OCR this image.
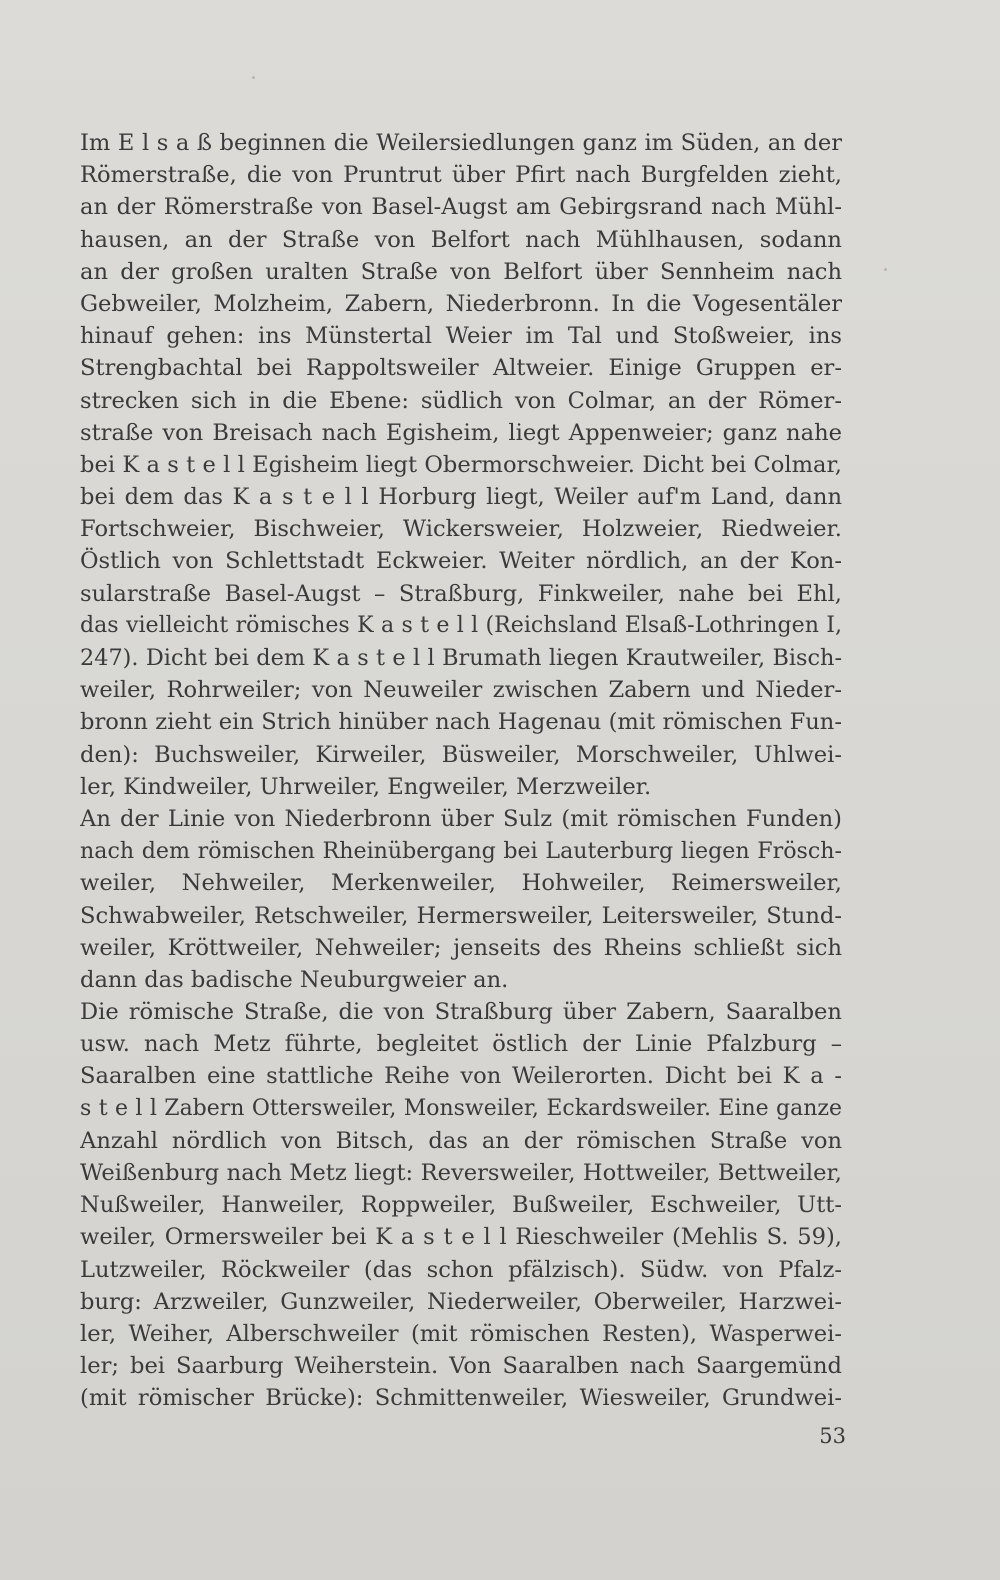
Im E l s a ß beginnen die Weilersiedlungen ganz im Süden, an der
Römerstraße, die von Pruntrut über Pfirt nach Burgfelden zieht,
an der Römerstraße von Basel-Augst am Gebirgsrand nach Mühl-
hausen, an der Straße von Belfort nach Mühlhausen, sodann
an der großen uralten Straße von Belfort über Sennheim nach
Gebweiler, Molzheim, Zabern, Niederbronn. In die Vogesentäler
hinauf gehen: ins Münstertal Weier im Tal und Stoßweier, ins
Strengbachtal bei Rappoltsweiler Altweier. Einige Gruppen er-
strecken sich in die Ebene: südlich von Colmar, an der Römer-
straße von Breisach nach Egisheim, liegt Appenweier; ganz nahe
bei K a s t e l l Egisheim liegt Obermorschweier. Dicht bei Colmar,
bei dem das K a s t e l l Horburg liegt, Weiler auf'm Land, dann
Fortschweier, Bischweier, Wickersweier, Holzweier, Riedweier.
Östlich von Schlettstadt Eckweier. Weiter nördlich, an der Kon-
sularstraße Basel-Augst – Straßburg, Finkweiler, nahe bei Ehl,
das vielleicht römisches K a s t e l l (Reichsland Elsaß-Lothringen I,
247). Dicht bei dem K a s t e l l Brumath liegen Krautweiler, Bisch-
weiler, Rohrweiler; von Neuweiler zwischen Zabern und Nieder-
bronn zieht ein Strich hinüber nach Hagenau (mit römischen Fun-
den): Buchsweiler, Kirweiler, Büsweiler, Morschweiler, Uhlwei-
ler, Kindweiler, Uhrweiler, Engweiler, Merzweiler.
An der Linie von Niederbronn über Sulz (mit römischen Funden)
nach dem römischen Rheinübergang bei Lauterburg liegen Frösch-
weiler, Nehweiler, Merkenweiler, Hohweiler, Reimersweiler,
Schwabweiler, Retschweiler, Hermersweiler, Leitersweiler, Stund-
weiler, Kröttweiler, Nehweiler; jenseits des Rheins schließt sich
dann das badische Neuburgweier an.
Die römische Straße, die von Straßburg über Zabern, Saaralben
usw. nach Metz führte, begleitet östlich der Linie Pfalzburg –
Saaralben eine stattliche Reihe von Weilerorten. Dicht bei K a -
s t e l l Zabern Ottersweiler, Monsweiler, Eckardsweiler. Eine ganze
Anzahl nördlich von Bitsch, das an der römischen Straße von
Weißenburg nach Metz liegt: Reversweiler, Hottweiler, Bettweiler,
Nußweiler, Hanweiler, Roppweiler, Bußweiler, Eschweiler, Utt-
weiler, Ormersweiler bei K a s t e l l Rieschweiler (Mehlis S. 59),
Lutzweiler, Röckweiler (das schon pfälzisch). Südw. von Pfalz-
burg: Arzweiler, Gunzweiler, Niederweiler, Oberweiler, Harzwei-
ler, Weiher, Alberschweiler (mit römischen Resten), Wasperwei-
ler; bei Saarburg Weiherstein. Von Saaralben nach Saargemünd
(mit römischer Brücke): Schmittenweiler, Wiesweiler, Grundwei-
53
